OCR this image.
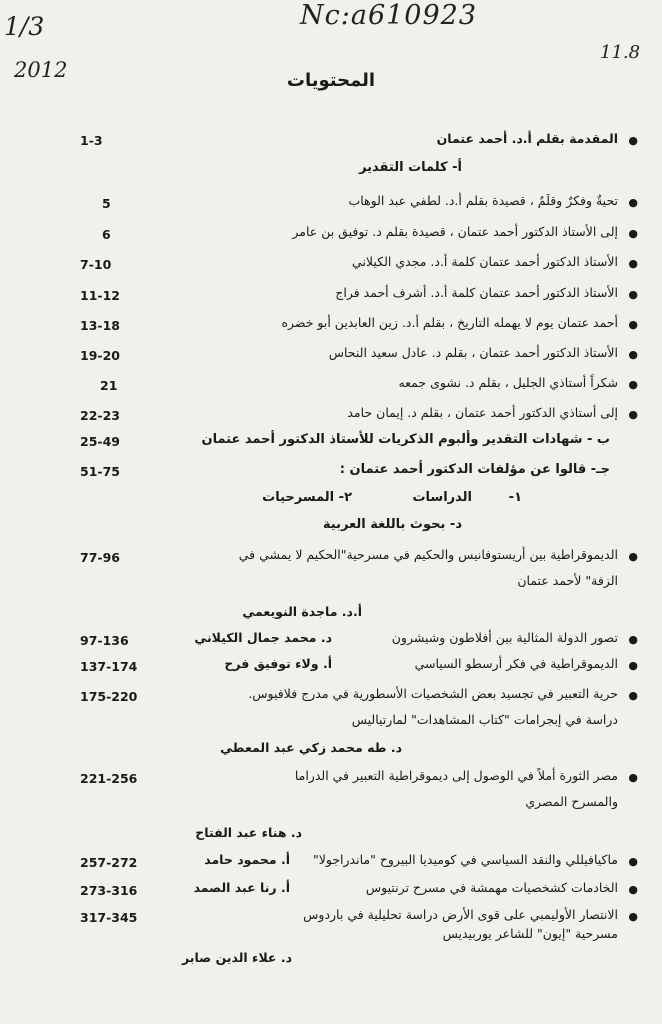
Nc:a610923
1/3
2012
11.8
المحتويات
●
المقدمة بقلم أ.د. أحمد عتمان
1-3
أ- كلمات التقدير
●
تحيةٌ وفكرٌ وقلَمٌ ، قصيدة بقلم أ.د. لطفي عبد الوهاب
5
●
إلى الأستاذ الدكتور أحمد عتمان ، قصيدة بقلم د. توفيق بن عامر
6
●
الأستاذ الدكتور أحمد عتمان كلمة أ.د. مجدي الكيلاني
7-10
●
الأستاذ الدكتور أحمد عتمان كلمة أ.د. أشرف أحمد فراج
11-12
●
أحمد عتمان يوم لا يهمله التاريخ ، بقلم أ.د. زين العابدين أبو خضره
13-18
●
الأستاذ الدكتور أحمد عتمان ، بقلم د. عادل سعيد النحاس
19-20
●
شكراً أستاذي الجليل ، بقلم د. نشوى جمعه
21
●
إلى أستاذي الدكتور أحمد عتمان ، بقلم د. إيمان حامد
22-23
ب - شهادات التقدير وألبوم الذكريات للأستاذ الدكتور أحمد عتمان
25-49
جـ- قالوا عن مؤلفات الدكتور أحمد عتمان :
51-75
١-
الدراسات
٢- المسرحيات
د- بحوث باللغة العربية
●
الديموقراطية بين أريستوفانيس والحكيم في مسرحية"الحكيم لا يمشي في
77-96
الزفة" لأحمد عتمان
أ.د. ماجدة النويعمي
●
تصور الدولة المثالية بين أفلاطون وشيشرون
د. محمد جمال الكيلاني
97-136
●
الديموقراطية في فكر أرسطو السياسي
أ. ولاء توفيق فرح
137-174
●
حرية التعبير في تجسيد بعض الشخصيات الأسطورية في مدرج فلافيوس.
175-220
دراسة في إبجرامات "كتاب المشاهدات" لمارتياليس
د. طه محمد زكي عبد المعطي
●
مصر الثورة أملاً في الوصول إلى ديموقراطية التعبير في الدراما
221-256
والمسرح المصري
د. هناء عبد الفتاح
●
ماكيافيللي والنقد السياسي في كوميديا البيروح "ماندراجولا"
أ. محمود حامد
257-272
●
الخادمات كشخصيات مهمشة في مسرح ترنتيوس
أ. رنا عبد الصمد
273-316
●
الانتصار الأوليمبي على قوى الأرض دراسة تحليلية في باردوس
317-345
مسرحية "إيون" للشاعر يوربيديس
د. علاء الدين صابر
